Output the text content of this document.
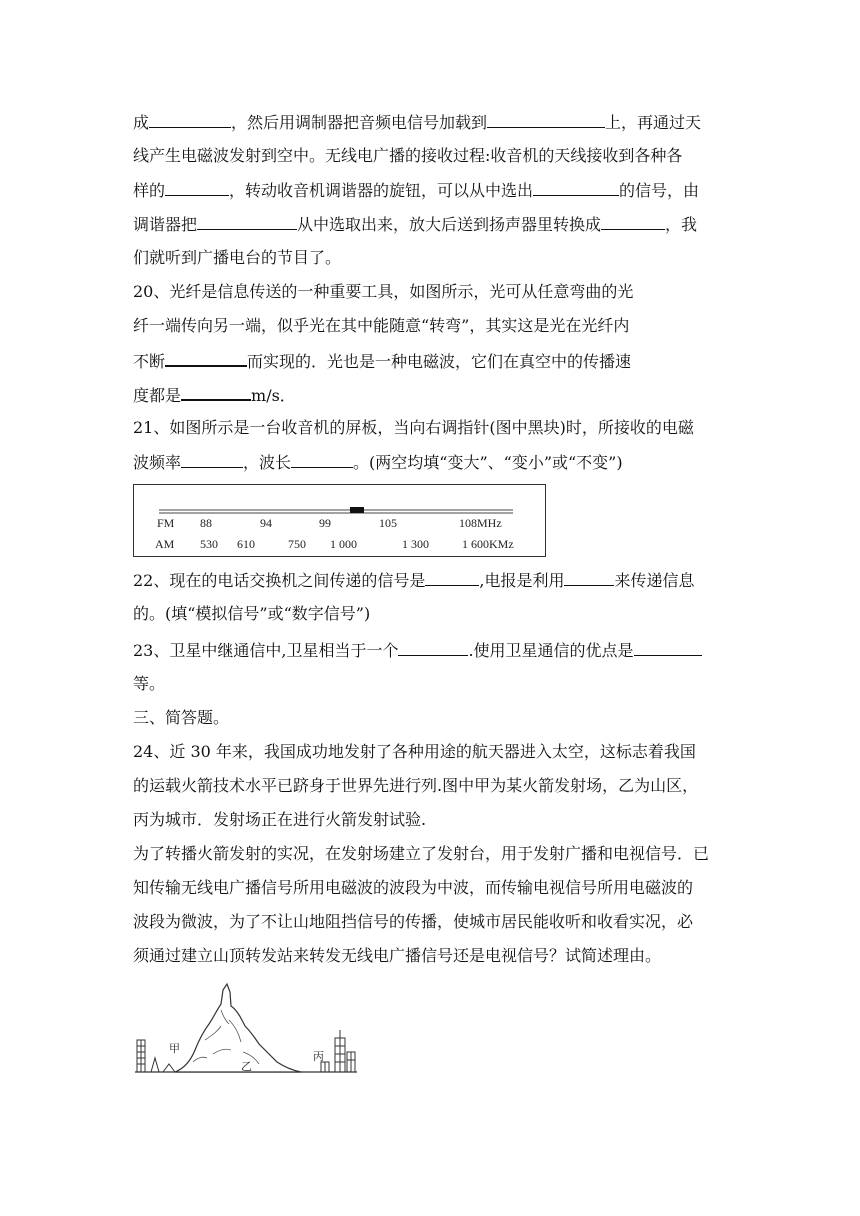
成	，然后用调制器把音频电信号加载到	上，再通过天
线产生电磁波发射到空中。无线电广播的接收过程:收音机的天线接收到各种各
样的	，转动收音机调谐器的旋钮，可以从中选出	的信号，由
调谐器把	从中选取出来，放大后送到扬声器里转换成	，我
们就听到广播电台的节目了。
20、光纤是信息传送的一种重要工具，如图所示，光可从任意弯曲的光
纤一端传向另一端，似乎光在其中能随意“转弯”，其实这是光在光纤内
不断	而实现的．光也是一种电磁波，它们在真空中的传播速
度都是	m/s．
21、如图所示是一台收音机的屏板，当向右调指针(图中黑块)时，所接收的电磁
波频率	，波长	。(两空均填“变大”、“变小”或“不变”)
FM 88	94	99	105	108MHz
AM 530 610	750 1 000	1 300	1 600KMz
22、现在的电话交换机之间传递的信号是	,电报是利用	来传递信息
的。(填“模拟信号”或“数字信号”)
23、卫星中继通信中,卫星相当于一个	.使用卫星通信的优点是
等。
三、简答题。
24、近 30 年来，我国成功地发射了各种用途的航天器进入太空，这标志着我国
的运载火箭技术水平已跻身于世界先进行列.图中甲为某火箭发射场，乙为山区，
丙为城市．发射场正在进行火箭发射试验.
为了转播火箭发射的实况，在发射场建立了发射台，用于发射广播和电视信号．已
知传输无线电广播信号所用电磁波的波段为中波，而传输电视信号所用电磁波的
波段为微波，为了不让山地阻挡信号的传播，使城市居民能收听和收看实况，必
须通过建立山顶转发站来转发无线电广播信号还是电视信号？试简述理由。
甲
乙
丙
